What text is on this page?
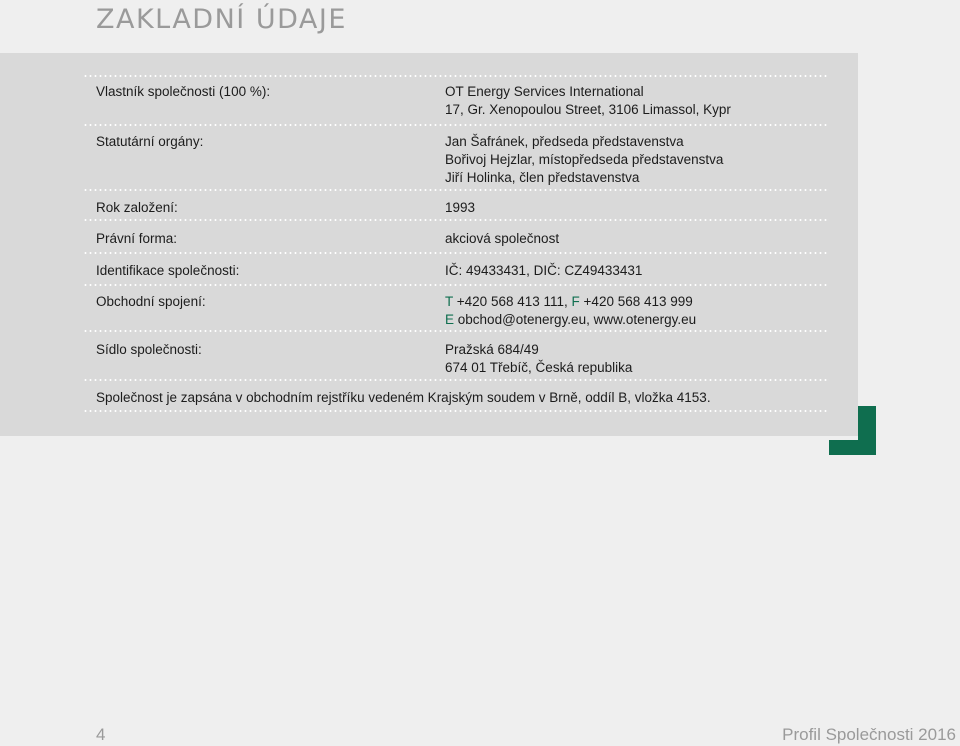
ZAKLADNÍ ÚDAJE
Vlastník společnosti (100 %):	OT Energy Services International
17, Gr. Xenopoulou Street, 3106 Limassol, Kypr
Statutární orgány:	Jan Šafránek, předseda představenstva
Bořivoj Hejzlar, místopředseda představenstva
Jiří Holinka, člen představenstva
Rok založení:	1993
Právní forma:	akciová společnost
Identifikace společnosti:	IČ: 49433431, DIČ: CZ49433431
Obchodní spojení:	T +420 568 413 111, F +420 568 413 999
E obchod@otenergy.eu, www.otenergy.eu
Sídlo společnosti:	Pražská 684/49
674 01 Třebíč, Česká republika
Společnost je zapsána v obchodním rejstříku vedeném Krajským soudem v Brně, oddíl B, vložka 4153.
4	Profil Společnosti 2016
